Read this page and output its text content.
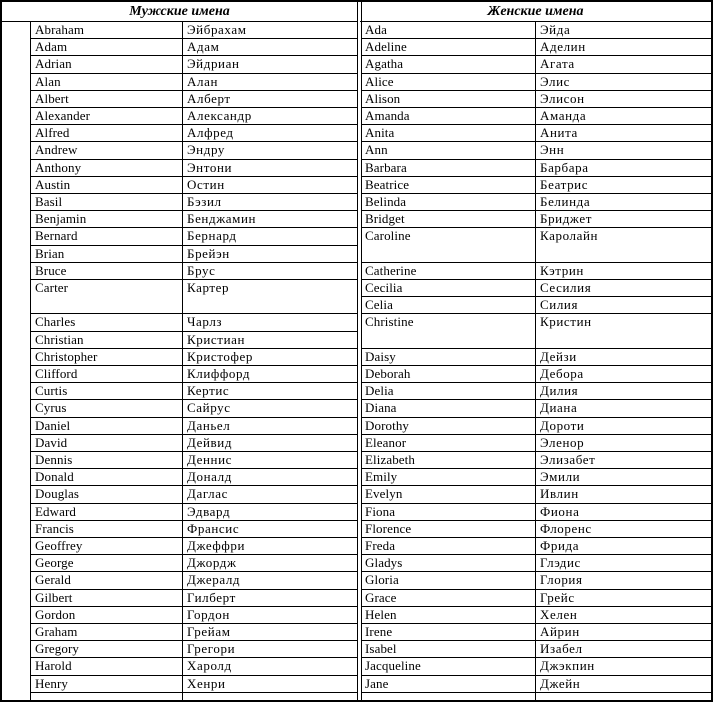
Мужские имена	Женские имена
Abraham
Adam
Adrian
Alan
Albert
Alexander
Alfred
Andrew
Anthony
Austin
Basil
Benjamin
Bernard
Brian
Bruce
Carter
Charles
Christian
Christopher
Clifford
Curtis
Cyrus
Daniel
David
Dennis
Donald
Douglas
Edward
Francis
Geoffrey
George
Gerald
Gilbert
Gordon
Graham
Gregory
Harold
Henry
Эйбрахам
Адам
Эйдриан
Алан
Алберт
Александр
Алфред
Эндру
Энтони
Остин
Бэзил
Бенджамин
Бернард
Брейэн
Брус
Картер
Чарлз
Кристиан
Кристофер
Клиффорд
Кертис
Сайрус
Даньел
Дейвид
Деннис
Доналд
Даглас
Эдвард
Франсис
Джеффри
Джордж
Джералд
Гилберт
Гордон
Грейам
Грегори
Харолд
Хенри
Ada
Adeline
Agatha
Alice
Alison
Amanda
Anita
Ann
Barbara
Beatrice
Belinda
Bridget
Caroline
Catherine
Cecilia
Celia
Christine
Daisy
Deborah
Delia
Diana
Dorothy
Eleanor
Elizabeth
Emily
Evelyn
Fiona
Florence
Freda
Gladys
Gloria
Grace
Helen
Irene
Isabel
Jacqueline
Jane
Эйда
Аделин
Агата
Элис
Элисон
Аманда
Анита
Энн
Барбара
Беатрис
Белинда
Бриджет
Каролайн
Кэтрин
Сесилия
Силия
Кристин
Дейзи
Дебора
Дилия
Диана
Дороти
Эленор
Элизабет
Эмили
Ивлин
Фиона
Флоренс
Фрида
Глэдис
Глория
Грейс
Хелен
Айрин
Изабел
Джэкпин
Джейн
